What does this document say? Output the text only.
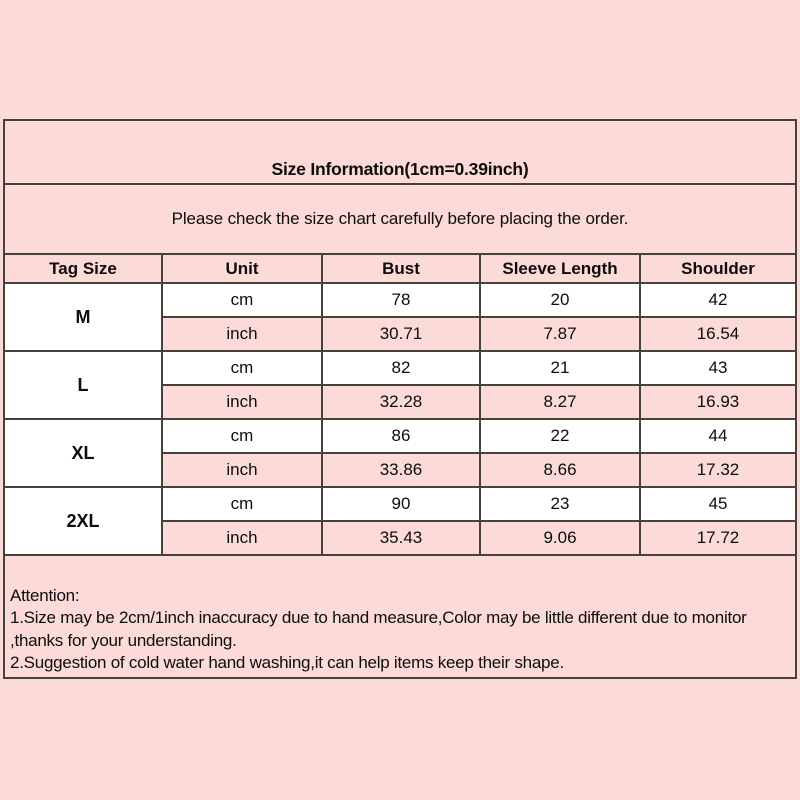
Size Information(1cm=0.39inch)
Please check the size chart carefully before placing the order.
Tag Size	Unit	Bust	Sleeve Length	Shoulder
M	cm	78	20	42
	inch	30.71	7.87	16.54
L	cm	82	21	43
	inch	32.28	8.27	16.93
XL	cm	86	22	44
	inch	33.86	8.66	17.32
2XL	cm	90	23	45
	inch	35.43	9.06	17.72
Attention:
1.Size may be 2cm/1inch inaccuracy due to hand measure,Color may be little different due to monitor
,thanks for your understanding.
2.Suggestion of cold water hand washing,it can help items keep their shape.
